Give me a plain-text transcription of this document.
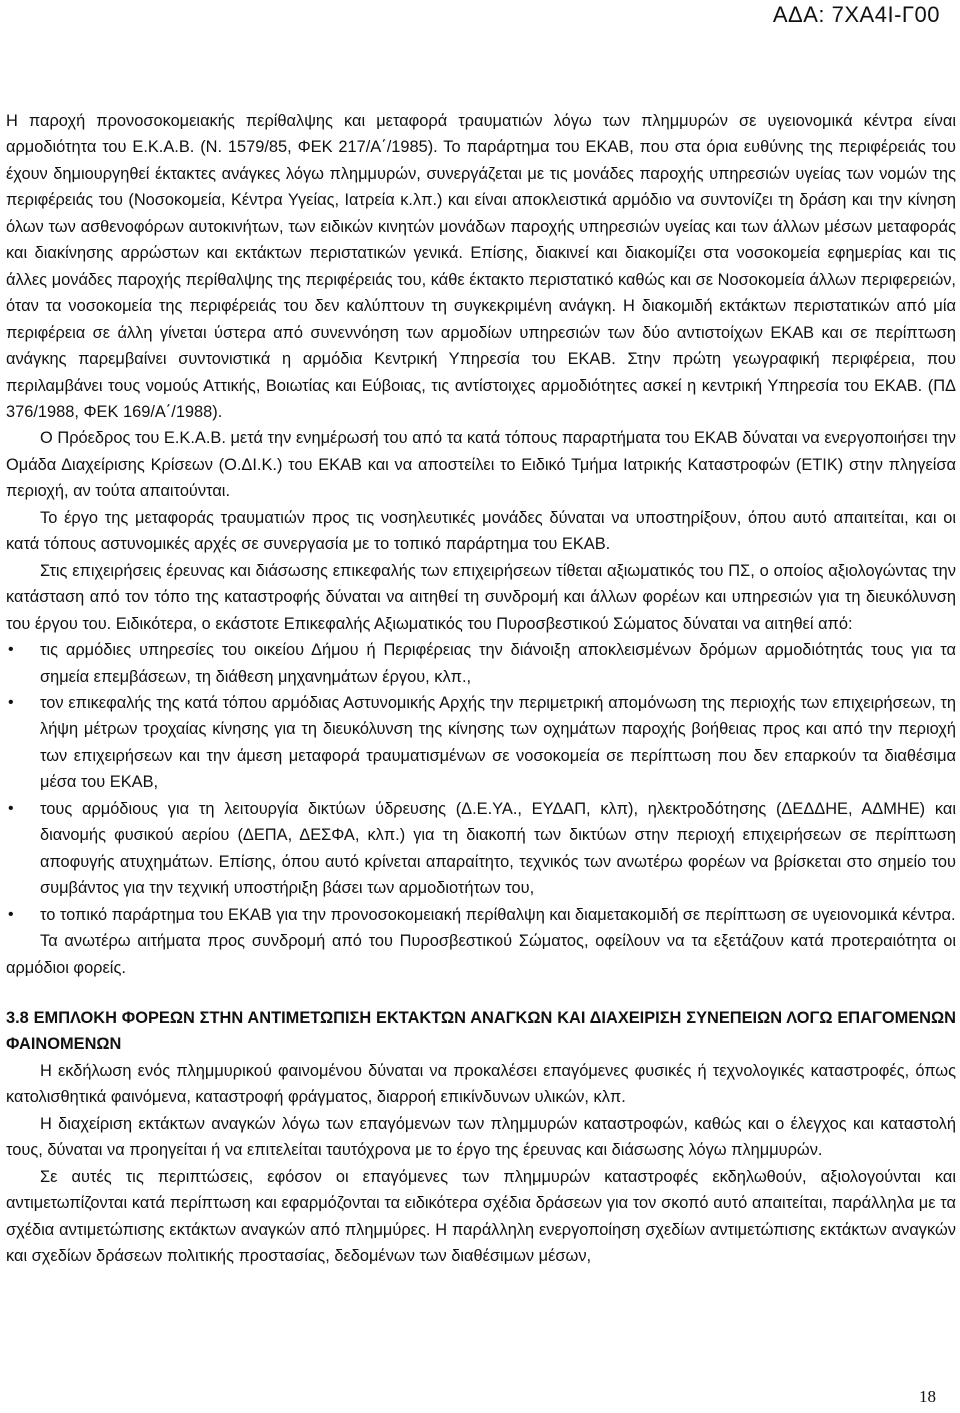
ΑΔΑ: 7ΧΑ4Ι-Γ00

Η παροχή προνοσοκομειακής περίθαλψης και μεταφορά τραυματιών λόγω των πλημμυρών σε υγειονομικά κέντρα είναι αρμοδιότητα του Ε.Κ.Α.Β. (Ν. 1579/85, ΦΕΚ 217/Α΄/1985). Το παράρτημα του ΕΚΑΒ, που στα όρια ευθύνης της περιφέρειάς του έχουν δημιουργηθεί έκτακτες ανάγκες λόγω πλημμυρών, συνεργάζεται με τις μονάδες παροχής υπηρεσιών υγείας των νομών της περιφέρειάς του (Νοσοκομεία, Κέντρα Υγείας, Ιατρεία κ.λπ.) και είναι αποκλειστικά αρμόδιο να συντονίζει τη δράση και την κίνηση όλων των ασθενοφόρων αυτοκινήτων, των ειδικών κινητών μονάδων παροχής υπηρεσιών υγείας και των άλλων μέσων μεταφοράς και διακίνησης αρρώστων και εκτάκτων περιστατικών γενικά. Επίσης, διακινεί και διακομίζει στα νοσοκομεία εφημερίας και τις άλλες μονάδες παροχής περίθαλψης της περιφέρειάς του, κάθε έκτακτο περιστατικό καθώς και σε Νοσοκομεία άλλων περιφερειών, όταν τα νοσοκομεία της περιφέρειάς του δεν καλύπτουν τη συγκεκριμένη ανάγκη. Η διακομιδή εκτάκτων περιστατικών από μία περιφέρεια σε άλλη γίνεται ύστερα από συνεννόηση των αρμοδίων υπηρεσιών των δύο αντιστοίχων ΕΚΑΒ και σε περίπτωση ανάγκης παρεμβαίνει συντονιστικά η αρμόδια Κεντρική Υπηρεσία του ΕΚΑΒ. Στην πρώτη γεωγραφική περιφέρεια, που περιλαμβάνει τους νομούς Αττικής, Βοιωτίας και Εύβοιας, τις αντίστοιχες αρμοδιότητες ασκεί η κεντρική Υπηρεσία του ΕΚΑΒ. (ΠΔ 376/1988, ΦΕΚ 169/Α΄/1988).

Ο Πρόεδρος του Ε.Κ.Α.Β. μετά την ενημέρωσή του από τα κατά τόπους παραρτήματα του ΕΚΑΒ δύναται να ενεργοποιήσει την Ομάδα Διαχείρισης Κρίσεων (Ο.ΔΙ.Κ.) του ΕΚΑΒ και να αποστείλει το Ειδικό Τμήμα Ιατρικής Καταστροφών (ΕΤΙΚ) στην πληγείσα περιοχή, αν τούτα απαιτούνται.

Το έργο της μεταφοράς τραυματιών προς τις νοσηλευτικές μονάδες δύναται να υποστηρίξουν, όπου αυτό απαιτείται, και οι κατά τόπους αστυνομικές αρχές σε συνεργασία με το τοπικό παράρτημα του ΕΚΑΒ.

Στις επιχειρήσεις έρευνας και διάσωσης επικεφαλής των επιχειρήσεων τίθεται αξιωματικός του ΠΣ, ο οποίος αξιολογώντας την κατάσταση από τον τόπο της καταστροφής δύναται να αιτηθεί τη συνδρομή και άλλων φορέων και υπηρεσιών για τη διευκόλυνση του έργου του. Ειδικότερα, ο εκάστοτε Επικεφαλής Αξιωματικός του Πυροσβεστικού Σώματος δύναται να αιτηθεί από:

• τις αρμόδιες υπηρεσίες του οικείου Δήμου ή Περιφέρειας την διάνοιξη αποκλεισμένων δρόμων αρμοδιότητάς τους για τα σημεία επεμβάσεων, τη διάθεση μηχανημάτων έργου, κλπ.,
• τον επικεφαλής της κατά τόπου αρμόδιας Αστυνομικής Αρχής την περιμετρική απομόνωση της περιοχής των επιχειρήσεων, τη λήψη μέτρων τροχαίας κίνησης για τη διευκόλυνση της κίνησης των οχημάτων παροχής βοήθειας προς και από την περιοχή των επιχειρήσεων και την άμεση μεταφορά τραυματισμένων σε νοσοκομεία σε περίπτωση που δεν επαρκούν τα διαθέσιμα μέσα του ΕΚΑΒ,
• τους αρμόδιους για τη λειτουργία δικτύων ύδρευσης (Δ.Ε.ΥΑ., ΕΥΔΑΠ, κλπ), ηλεκτροδότησης (ΔΕΔΔΗΕ, ΑΔΜΗΕ) και διανομής φυσικού αερίου (ΔΕΠΑ, ΔΕΣΦΑ, κλπ.) για τη διακοπή των δικτύων στην περιοχή επιχειρήσεων σε περίπτωση αποφυγής ατυχημάτων. Επίσης, όπου αυτό κρίνεται απαραίτητο, τεχνικός των ανωτέρω φορέων να βρίσκεται στο σημείο του συμβάντος για την τεχνική υποστήριξη βάσει των αρμοδιοτήτων του,
• το τοπικό παράρτημα του ΕΚΑΒ για την προνοσοκομειακή περίθαλψη και διαμετακομιδή σε περίπτωση σε υγειονομικά κέντρα.

Τα ανωτέρω αιτήματα προς συνδρομή από του Πυροσβεστικού Σώματος, οφείλουν να τα εξετάζουν κατά προτεραιότητα οι αρμόδιοι φορείς.

3.8 ΕΜΠΛΟΚΗ ΦΟΡΕΩΝ ΣΤΗΝ ΑΝΤΙΜΕΤΩΠΙΣΗ ΕΚΤΑΚΤΩΝ ΑΝΑΓΚΩΝ ΚΑΙ ΔΙΑΧΕΙΡΙΣΗ ΣΥΝΕΠΕΙΩΝ ΛΟΓΩ ΕΠΑΓΟΜΕΝΩΝ ΦΑΙΝΟΜΕΝΩΝ

Η εκδήλωση ενός πλημμυρικού φαινομένου δύναται να προκαλέσει επαγόμενες φυσικές ή τεχνολογικές καταστροφές, όπως κατολισθητικά φαινόμενα, καταστροφή φράγματος, διαρροή επικίνδυνων υλικών, κλπ.

Η διαχείριση εκτάκτων αναγκών λόγω των επαγόμενων των πλημμυρών καταστροφών, καθώς και ο έλεγχος και καταστολή τους, δύναται να προηγείται ή να επιτελείται ταυτόχρονα με το έργο της έρευνας και διάσωσης λόγω πλημμυρών.

Σε αυτές τις περιπτώσεις, εφόσον οι επαγόμενες των πλημμυρών καταστροφές εκδηλωθούν, αξιολογούνται και αντιμετωπίζονται κατά περίπτωση και εφαρμόζονται τα ειδικότερα σχέδια δράσεων για τον σκοπό αυτό απαιτείται, παράλληλα με τα σχέδια αντιμετώπισης εκτάκτων αναγκών από πλημμύρες. Η παράλληλη ενεργοποίηση σχεδίων αντιμετώπισης εκτάκτων αναγκών και σχεδίων δράσεων πολιτικής προστασίας, δεδομένων των διαθέσιμων μέσων,

18
